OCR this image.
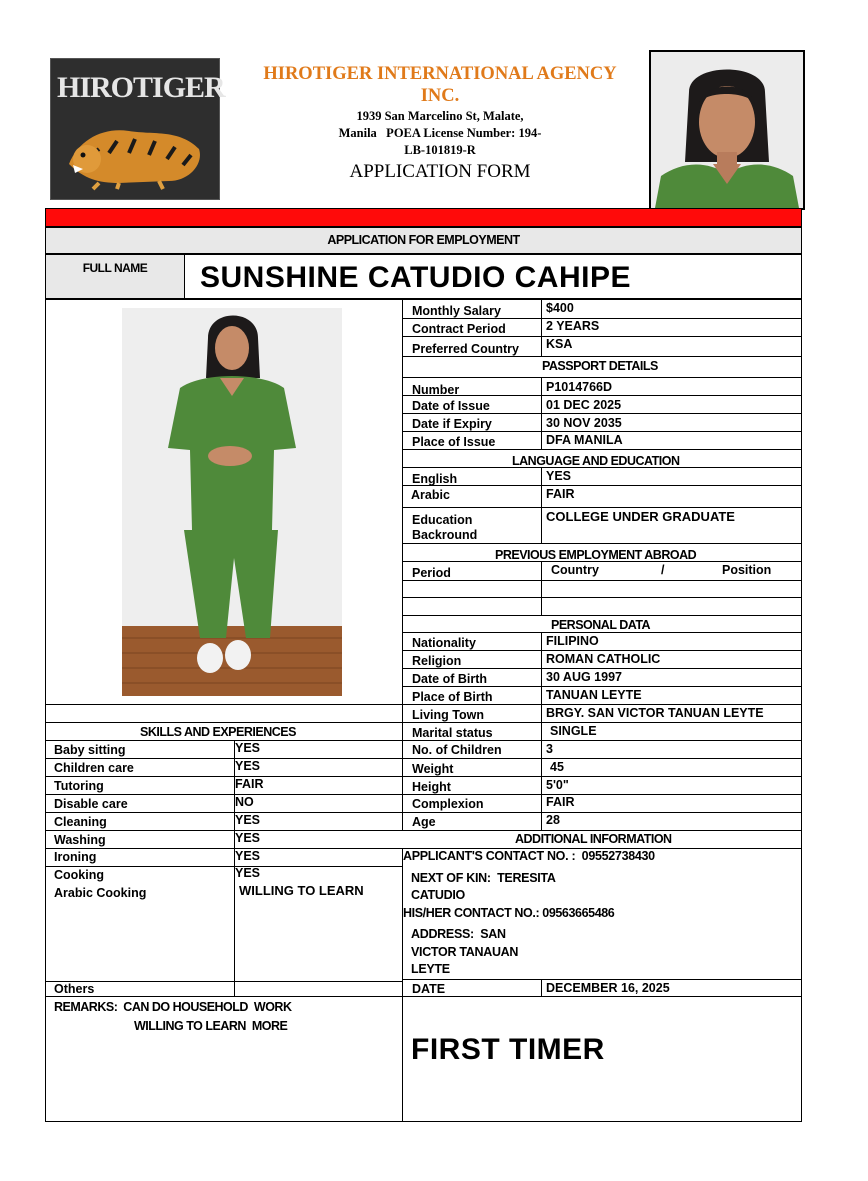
HIROTIGER	HIROTIGER INTERNATIONAL AGENCY
INC.
1939 San Marcelino St, Malate,
Manila   POEA License Number: 194-
LB-101819-R
APPLICATION FORM
APPLICATION FOR EMPLOYMENT
FULL NAME	SUNSHINE CATUDIO CAHIPE
Monthly Salary	$400
Contract Period	2 YEARS
Preferred Country KSA
PASSPORT DETAILS
Number	P1014766D
Date of Issue	01 DEC 2025
Date if Expiry	30 NOV 2035
Place of Issue	DFA MANILA
LANGUAGE AND EDUCATION
English	YES
Arabic	FAIR
Education
Backround
COLLEGE UNDER GRADUATE
PREVIOUS EMPLOYMENT ABROAD
Period	Country	/	Position
PERSONAL DATA
Nationality	FILIPINO
Religion	ROMAN CATHOLIC
Date of Birth	30 AUG 1997
Place of Birth	TANUAN LEYTE
Living Town	BRGY. SAN VICTOR TANUAN LEYTE
Marital status	SINGLE
No. of Children	3
Weight	45
Height	5'0"
Complexion	FAIR
Age	28
SKILLS AND EXPERIENCES
Baby sitting	YES
Children care	YES
Tutoring	FAIR
Disable care	NO
Cleaning	YES
Washing	YES
Ironing	YES
Cooking	YES
Arabic Cooking	WILLING TO LEARN
Others
ADDITIONAL INFORMATION
APPLICANT'S CONTACT NO. :  09552738430
NEXT OF KIN:  TERESITA
CATUDIO
HIS/HER CONTACT NO.: 09563665486
ADDRESS:  SAN
VICTOR TANAUAN
LEYTE
DATE	DECEMBER 16, 2025
REMARKS:  CAN DO HOUSEHOLD  WORK
WILLING TO LEARN  MORE
FIRST TIMER
